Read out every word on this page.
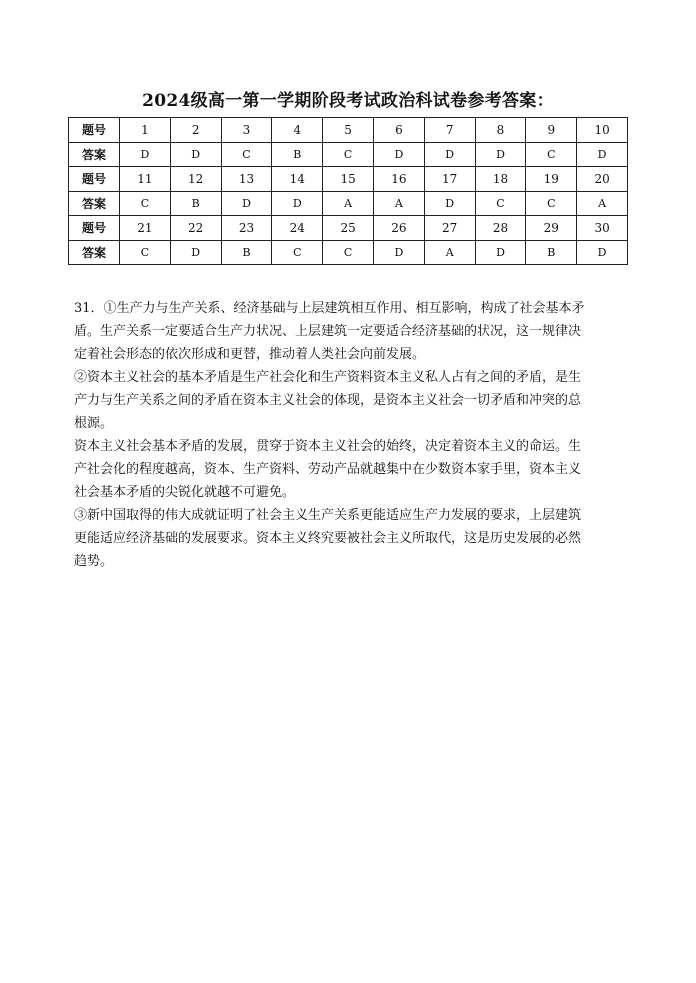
2024级高一第一学期阶段考试政治科试卷参考答案：
题号	1	2	3	4	5	6	7	8	9	10
答案	D	D	C	B	C	D	D	D	C	D
题号	11	12	13	14	15	16	17	18	19	20
答案	C	B	D	D	A	A	D	C	C	A
题号	21	22	23	24	25	26	27	28	29	30
答案	C	D	B	C	C	D	A	D	B	D

31．①生产力与生产关系、经济基础与上层建筑相互作用、相互影响，构成了社会基本矛

盾。生产关系一定要适合生产力状况、上层建筑一定要适合经济基础的状况，这一规律决

定着社会形态的依次形成和更替，推动着人类社会向前发展。

②资本主义社会的基本矛盾是生产社会化和生产资料资本主义私人占有之间的矛盾，是生

产力与生产关系之间的矛盾在资本主义社会的体现，是资本主义社会一切矛盾和冲突的总

根源。

资本主义社会基本矛盾的发展，贯穿于资本主义社会的始终，决定着资本主义的命运。生

产社会化的程度越高，资本、生产资料、劳动产品就越集中在少数资本家手里，资本主义

社会基本矛盾的尖锐化就越不可避免。

③新中国取得的伟大成就证明了社会主义生产关系更能适应生产力发展的要求，上层建筑

更能适应经济基础的发展要求。资本主义终究要被社会主义所取代，这是历史发展的必然

趋势。
